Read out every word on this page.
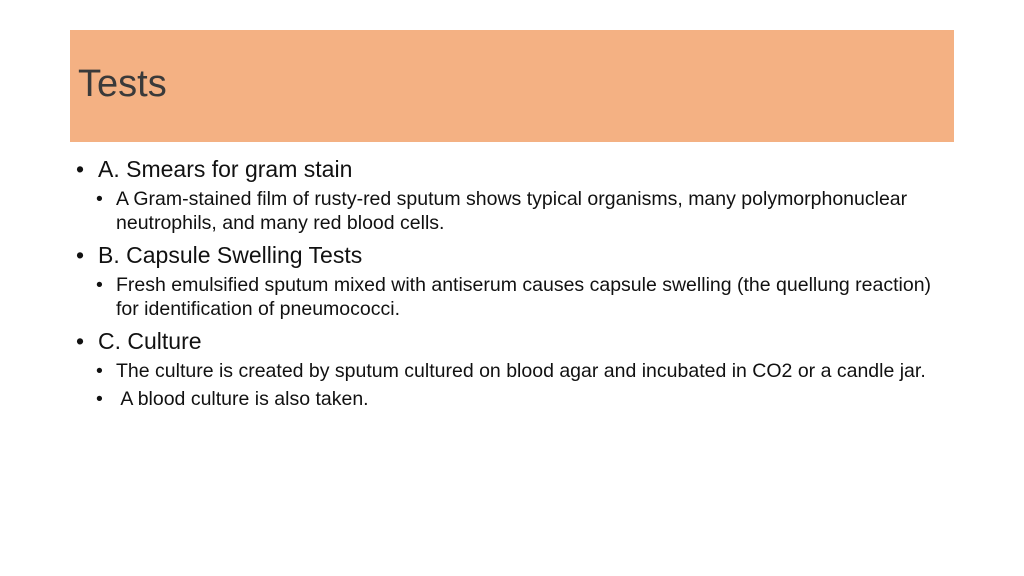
Tests
• A. Smears for gram stain
• A Gram-stained film of rusty-red sputum shows typical organisms, many polymorphonuclear neutrophils, and many red blood cells.
• B. Capsule Swelling Tests
• Fresh emulsified sputum mixed with antiserum causes capsule swelling (the quellung reaction) for identification of pneumococci.
• C. Culture
• The culture is created by sputum cultured on blood agar and incubated in CO2 or a candle jar.
• A blood culture is also taken.
